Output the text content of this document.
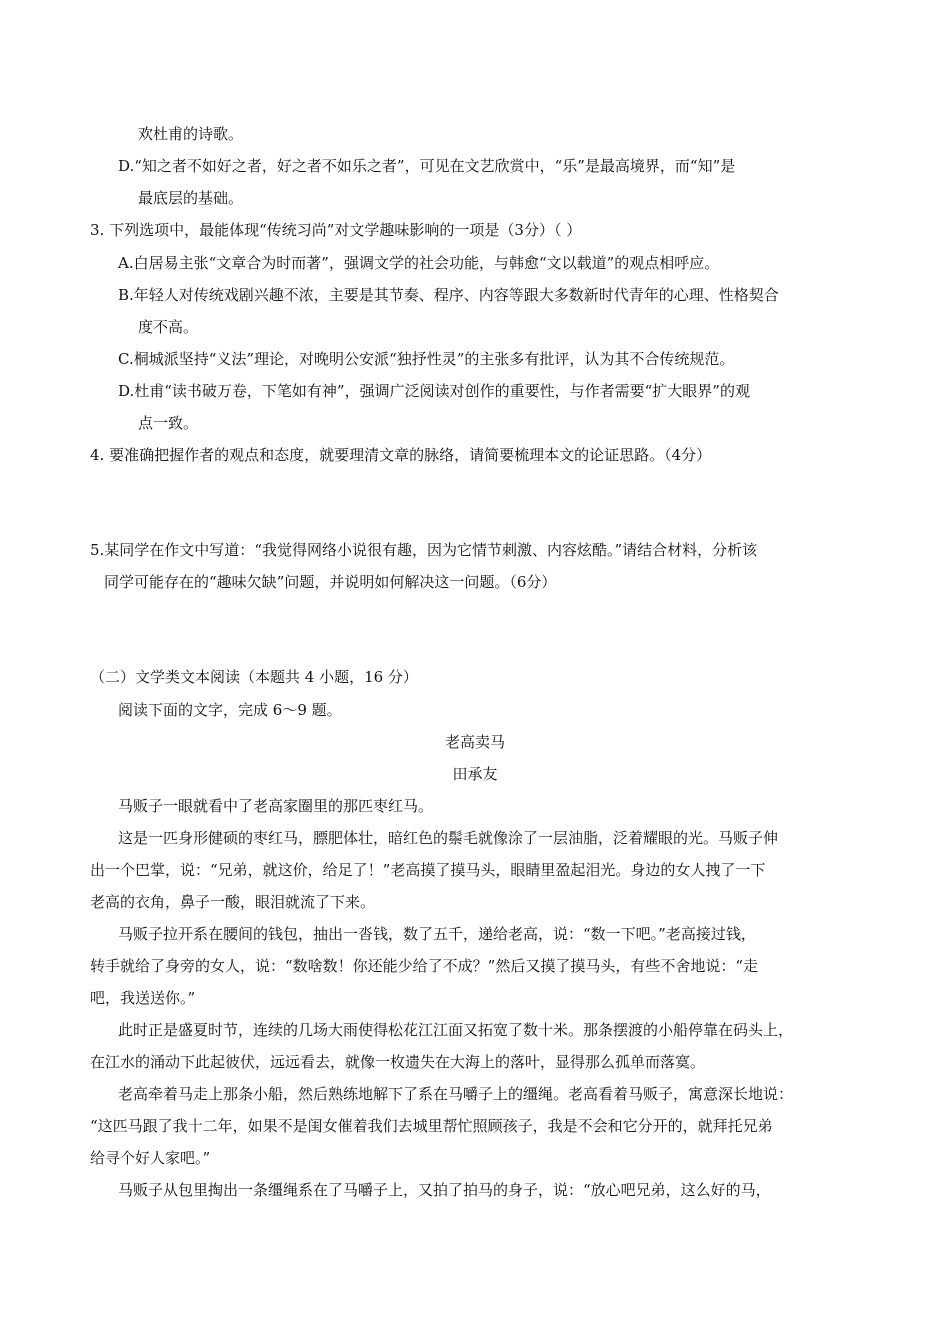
欢杜甫的诗歌。
D.“知之者不如好之者，好之者不如乐之者”，可见在文艺欣赏中，“乐”是最高境界，而“知”是
最底层的基础。
3. 下列选项中，最能体现“传统习尚”对文学趣味影响的一项是（3分）（ ）
A.白居易主张“文章合为时而著”，强调文学的社会功能，与韩愈“文以载道”的观点相呼应。
B.年轻人对传统戏剧兴趣不浓，主要是其节奏、程序、内容等跟大多数新时代青年的心理、性格契合
度不高。
C.桐城派坚持“义法”理论，对晚明公安派“独抒性灵”的主张多有批评，认为其不合传统规范。
D.杜甫“读书破万卷，下笔如有神”，强调广泛阅读对创作的重要性，与作者需要“扩大眼界”的观
点一致。
4. 要准确把握作者的观点和态度，就要理清文章的脉络，请简要梳理本文的论证思路。（4分）
5.某同学在作文中写道：“我觉得网络小说很有趣，因为它情节刺激、内容炫酷。”请结合材料，分析该
同学可能存在的“趣味欠缺”问题，并说明如何解决这一问题。（6分）
（二）文学类文本阅读（本题共 4 小题，16 分）
阅读下面的文字，完成 6～9 题。
老高卖马
田承友
马贩子一眼就看中了老高家圈里的那匹枣红马。
这是一匹身形健硕的枣红马，膘肥体壮，暗红色的鬃毛就像涂了一层油脂，泛着耀眼的光。马贩子伸
出一个巴掌，说：“兄弟，就这价，给足了！”老高摸了摸马头，眼睛里盈起泪光。身边的女人拽了一下
老高的衣角，鼻子一酸，眼泪就流了下来。
马贩子拉开系在腰间的钱包，抽出一沓钱，数了五千，递给老高，说：“数一下吧。”老高接过钱，
转手就给了身旁的女人，说：“数啥数！你还能少给了不成？”然后又摸了摸马头，有些不舍地说：“走
吧，我送送你。”
此时正是盛夏时节，连续的几场大雨使得松花江江面又拓宽了数十米。那条摆渡的小船停靠在码头上，
在江水的涌动下此起彼伏，远远看去，就像一枚遗失在大海上的落叶，显得那么孤单而落寞。
老高牵着马走上那条小船，然后熟练地解下了系在马嚼子上的缰绳。老高看着马贩子，寓意深长地说：
“这匹马跟了我十二年，如果不是闺女催着我们去城里帮忙照顾孩子，我是不会和它分开的，就拜托兄弟
给寻个好人家吧。”
马贩子从包里掏出一条缰绳系在了马嚼子上，又拍了拍马的身子，说：“放心吧兄弟，这么好的马，
